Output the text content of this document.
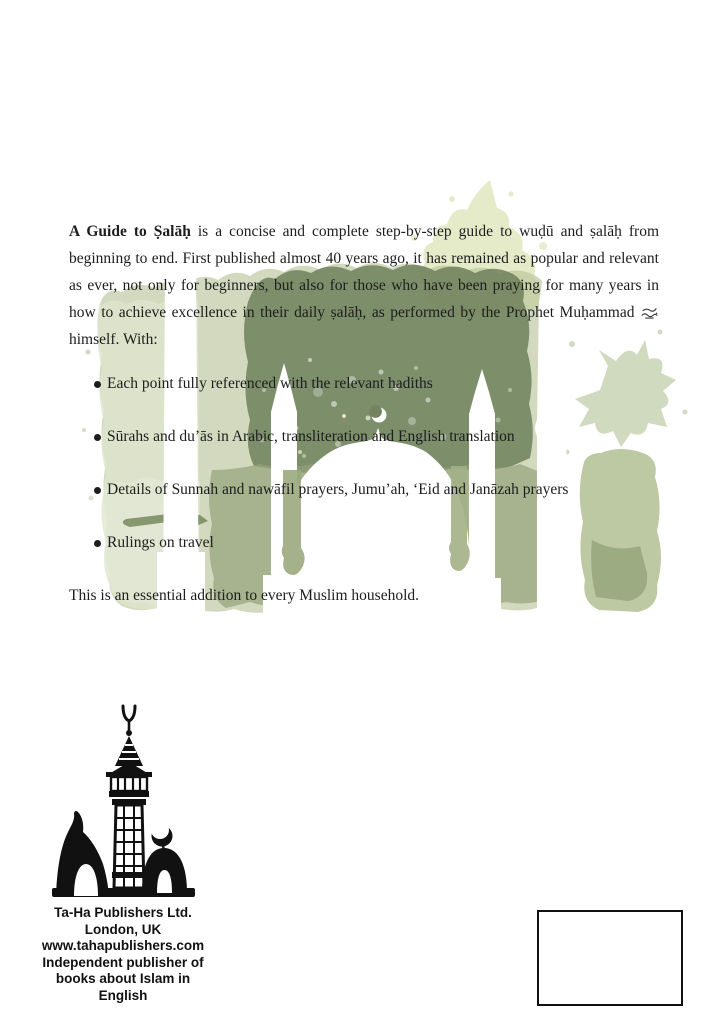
A Guide to Ṣalāḥ is a concise and complete step-by-step guide to wuḍū and ṣalāḥ from beginning to end. First published almost 40 years ago, it has remained as popular and relevant as ever, not only for beginners, but also for those who have been praying for many years in how to achieve excellence in their daily ṣalāḥ, as performed by the Prophet Muḥammad  himself. With:

Each point fully referenced with the relevant hadiths
Sūrahs and du’ās in Arabic, transliteration and English translation
Details of Sunnah and nawāfil prayers, Jumu’ah, ‘Eid and Janāzah prayers
Rulings on travel

This is an essential addition to every Muslim household.

Ta-Ha Publishers Ltd.
London, UK
www.tahapublishers.com
Independent publisher of
books about Islam in
English
